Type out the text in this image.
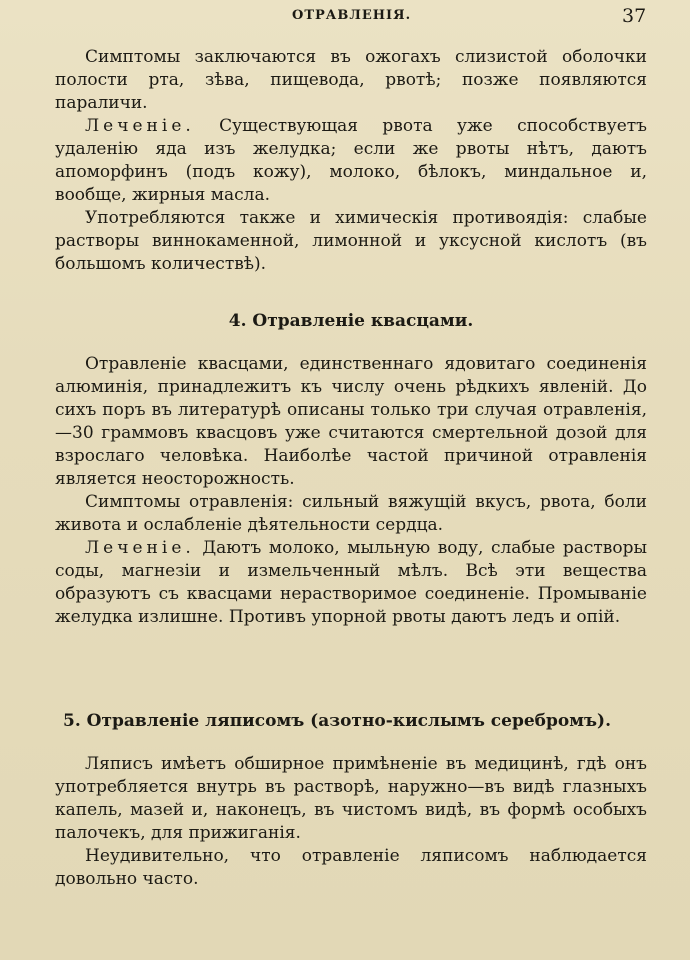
ОТРАВЛЕНІЯ.	37

Симптомы заключаются въ ожогахъ слизистой оболочки полости рта, зѣва, пищевода, рвотѣ; позже появляются параличи.

Леченіе. Существующая рвота уже способствуетъ удаленію яда изъ желудка; если же рвоты нѣтъ, даютъ апоморфинъ (подъ кожу), молоко, бѣлокъ, миндальное и, вообще, жирныя масла.

Употребляются также и химическія противоядія: слабые растворы виннокаменной, лимонной и уксусной кислотъ (въ большомъ количествѣ).

4. Отравленіе квасцами.

Отравленіе квасцами, единственнаго ядовитаго соединенія алюминія, принадлежитъ къ числу очень рѣдкихъ явленій. До сихъ поръ въ литературѣ описаны только три случая отравленія,—30 граммовъ квасцовъ уже считаются смертельной дозой для взрослаго человѣка. Наиболѣе частой причиной отравленія является неосторожность.

Симптомы отравленія: сильный вяжущій вкусъ, рвота, боли живота и ослабленіе дѣятельности сердца.

Леченіе. Даютъ молоко, мыльную воду, слабые растворы соды, магнезіи и измельченный мѣлъ. Всѣ эти вещества образуютъ съ квасцами нерастворимое соединеніе. Промываніе желудка излишне. Противъ упорной рвоты даютъ ледъ и опій.

5. Отравленіе ляписомъ (азотно-кислымъ серебромъ).

Ляписъ имѣетъ обширное примѣненіе въ медицинѣ, гдѣ онъ употребляется внутрь въ растворѣ, наружно—въ видѣ глазныхъ капель, мазей и, наконецъ, въ чистомъ видѣ, въ формѣ особыхъ палочекъ, для прижиганія.

Неудивительно, что отравленіе ляписомъ наблюдается довольно часто.
